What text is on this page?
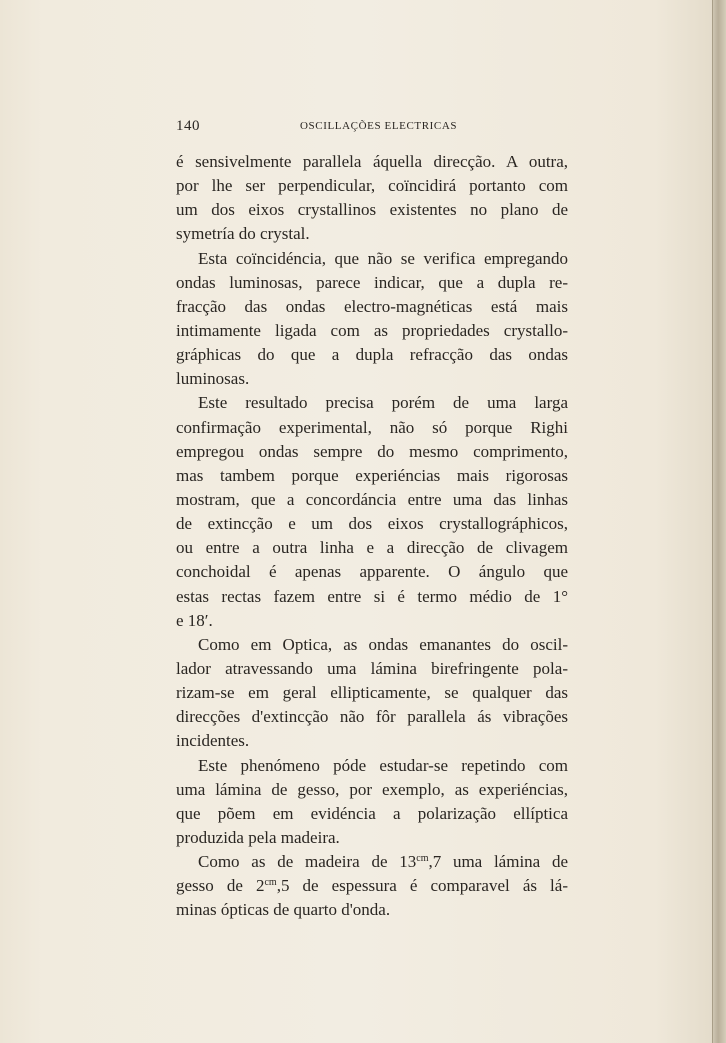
140	OSCILLAÇÕES ELECTRICAS
é sensivelmente parallela áquella direcção. A outra,
por lhe ser perpendicular, coïncidirá portanto com
um dos eixos crystallinos existentes no plano de
symetría do crystal.
Esta coïncidéncia, que não se verifica empregando
ondas luminosas, parece indicar, que a dupla re-
fracção das ondas electro-magnéticas está mais
intimamente ligada com as propriedades crystallo-
gráphicas do que a dupla refracção das ondas
luminosas.
Este resultado precisa porém de uma larga
confirmação experimental, não só porque Righi
empregou ondas sempre do mesmo comprimento,
mas tambem porque experiéncias mais rigorosas
mostram, que a concordáncia entre uma das linhas
de extincção e um dos eixos crystallográphicos,
ou entre a outra linha e a direcção de clivagem
conchoidal é apenas apparente. O ángulo que
estas rectas fazem entre si é termo médio de 1°
e 18′.
Como em Optica, as ondas emanantes do oscil-
lador atravessando uma lámina birefringente pola-
rizam-se em geral ellipticamente, se qualquer das
direcções d'extincção não fôr parallela ás vibrações
incidentes.
Este phenómeno póde estudar-se repetindo com
uma lámina de gesso, por exemplo, as experiéncias,
que põem em evidéncia a polarização ellíptica
produzida pela madeira.
Como as de madeira de $13^{cm},7$ uma lámina de
gesso de $2^{cm},5$ de espessura é comparavel ás lá-
minas ópticas de quarto d'onda.
